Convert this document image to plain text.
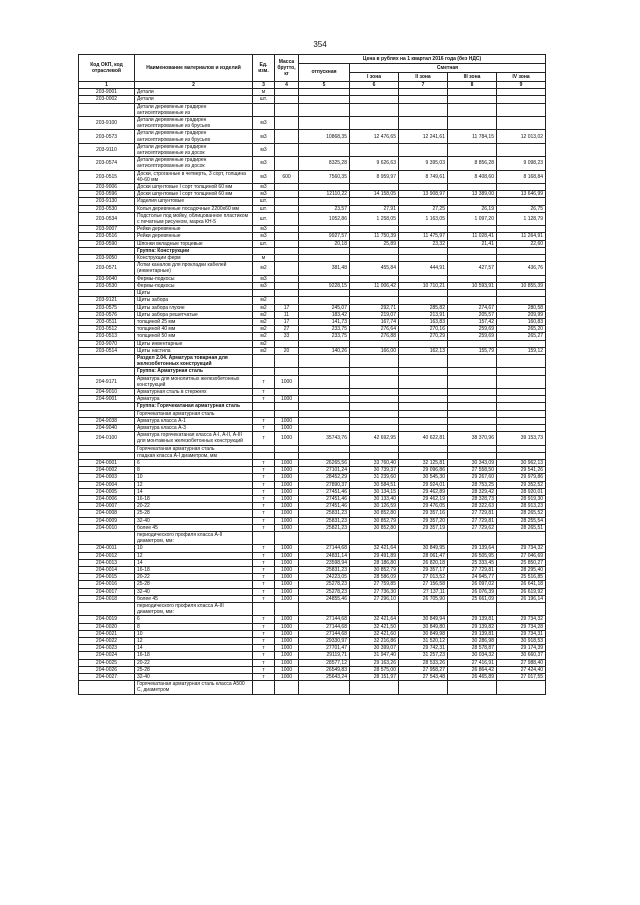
354
Код ОКП, код отраслевой	Наименование материалов и изделий	Ед. изм.	Масса брутто, кг	Цена в рублях на 1 квартал 2016 года (без НДС)				
				отпускная	Сметная			
					I зона	II зона	III зона	IV зона
1	2	3	4	5	6	7	8	9
203-9001	Детали	м						
203-0002	Детали	шт.						
	Детали деревянные градирен антисептированные из							
203-9100	Детали деревянные градирен антисептированные из брусьев	м3						
203-0573	Детали деревянные градирен антисептированные из брусьев	м3		10868,35	12 476,65	12 241,61	11 784,15	12 013,02
203-9110	Детали деревянные градирен антисептированные из досок	м3						
203-0574	Детали деревянные градирен антисептированные из досок	м3		8325,28	9 626,63	9 395,03	8 856,28	9 098,23
203-0515	Доски, строганные в четверть, 3 сорт, толщина 40-60 мм	м3	600	7560,35	8 959,97	8 749,61	8 408,60	8 168,84
203-9006	Доски шпунтовые I сорт толщиной 60 мм	м3						
203-0596	Доски шпунтовые I сорт толщиной 60 мм	м3		12110,22	14 158,05	13 908,97	13 389,00	13 646,99
203-9130	Изделия шпунтовые	шт.						
203-0530	Колья деревянные посадочные 2200х60 мм	шт.		23,57	27,91	27,25	26,19	26,75
203-0534	Подстолье под мойку, облицованное пластиком с печатным рисунком, марка КН-5	шт.		1052,86	1 258,05	1 163,05	1 097,20	1 128,79
203-9007	Рейки деревянные	м3						
203-0516	Рейки деревянные	м3		9927,57	11 750,39	11 475,97	11 028,41	11 264,91
203-0590	Шпонки вкладные торцевые	шт.		20,18	25,89	23,32	21,41	22,60
	Группа: Конструкции							
203-9050	Конструкции ферм	м						
203-0571	Лотки каналов для прокладки кабелей (инвентарные)	м2		381,48	455,84	444,91	427,57	436,76
203-9040	Фермы-подкосы	м3						
203-0530	Фермы-подкосы	м3		9228,15	11 006,42	10 710,21	10 593,91	10 855,39
	Щиты							
203-9121	Щиты забора	м2						
203-0575	Щиты забора глухие	м2	17	245,07	292,71	285,82	274,67	280,58
203-0576	Щиты забора решетчатые	м2	11	183,42	219,07	213,91	205,57	209,99
203-0511	толщиной 25 мм	м2	17	141,73	167,74	163,83	157,42	160,83
203-0512	толщиной 40 мм	м2	27	233,75	276,64	270,16	259,69	265,20
203-0513	толщиной 50 мм	м2	33	233,75	276,88	270,29	259,69	265,27
203-9070	Щиты инвентарные	м2						
203-0514	Щиты настила	м2	20	140,26	166,00	162,13	155,79	159,12
	Раздел 2.04. Арматура товарная для железобетонных конструкций							
	Группа: Арматурная сталь							
204-9171	Арматура для монолитных железобетонных конструкций	т	1000					
204-9010	Арматурная сталь в стержнях	т						
204-9001	Арматура	т	1000					
	Группа: Горячекатаная арматурная сталь							
	Горячекатаная арматурная сталь							
204-9038	Арматура класса А-1	т	1000					
204-9040	Арматура класса А-3	т	1000					
204-0100	Арматура горячекатаная класса А-I, А-II, А-III для монтажных железобетонных конструкций	т	1000	35743,76	42 692,95	40 622,81	38 370,96	39 153,73
	Горячекатаная арматурная сталь							
	гладкая класса А-I диаметром, мм							
204-0001	6	т	1000	26265,56	33 760,40	32 125,81	30 343,09	30 962,13
204-0002	8	т	1000	27101,24	30 739,37	29 096,86	27 558,50	29 541,26
204-0003	10	т	1000	28452,29	31 239,60	30 545,30	29 267,60	29 979,86
204-0004	12	т	1000	27890,37	30 584,51	29 924,01	28 753,25	29 352,52
204-0005	14	т	1000	27451,46	30 134,15	29 462,89	28 329,42	28 920,01
204-0006	16-18	т	1000	27451,46	30 133,40	29 462,19	28 328,73	28 919,30
204-0007	20-22	т	1000	27451,46	30 126,59	29 476,05	28 322,63	28 913,23
204-0008	25-28	т	1000	25831,23	30 852,80	29 357,16	27 729,81	28 265,52
204-0009	32-40	т	1000	25831,23	30 852,79	29 357,20	27 729,81	28 255,54
204-0010	более 45	т	1000	25821,23	30 852,80	29 357,19	27 729,62	28 265,51
	периодического профиля класса А-II диаметром, мм:							
204-0011	10	т	1000	27144,68	32 421,64	30 849,95	29 139,64	29 734,32
204-0012	12	т	1000	24831,14	29 491,89	28 061,47	26 505,95	27 046,69
204-0013	14	т	1000	23598,94	28 186,80	26 820,18	25 333,45	25 850,27
204-0014	16-18	т	1000	25831,23	30 852,79	29 357,17	27 729,81	28 295,40
204-0015	20-22	т	1000	24223,05	28 586,09	27 013,52	24 945,77	25 516,85
204-0016	25-28	т	1000	25278,23	27 759,85	27 156,58	26 097,02	26 641,18
204-0017	32-40	т	1000	25278,23	27 736,30	27 137,11	26 076,39	26 619,92
204-0018	более 45	т	1000	24855,46	27 296,10	26 705,90	25 661,09	26 196,14
	периодического профиля класса А-III диаметром, мм:							
204-0019	6	т	1000	27144,68	32 421,64	30 849,94	29 139,81	29 734,32
204-0020	8	т	1000	27144,68	32 421,50	30 849,80	29 139,82	29 734,28
204-0021	10	т	1000	27144,68	32 421,60	30 849,98	29 139,81	29 734,31
204-0022	12	т	1000	29330,97	32 216,86	31 520,12	30 286,98	30 918,53
204-0023	14	т	1000	27701,47	30 399,07	29 742,31	28 578,87	29 174,39
204-0024	16-18	т	1000	29119,71	31 947,40	31 257,23	30 034,32	30 660,37
204-0025	20-22	т	1000	28577,12	29 163,26	28 533,26	27 416,91	27 988,40
204-0026	25-28	т	1000	26549,83	28 575,00	27 958,27	26 864,42	27 424,40
204-0027	32-40	т	1000	25643,24	28 151,97	27 543,48	26 465,89	27 017,55
	Горячекатаная арматурная сталь класса А500 С, диаметром							
